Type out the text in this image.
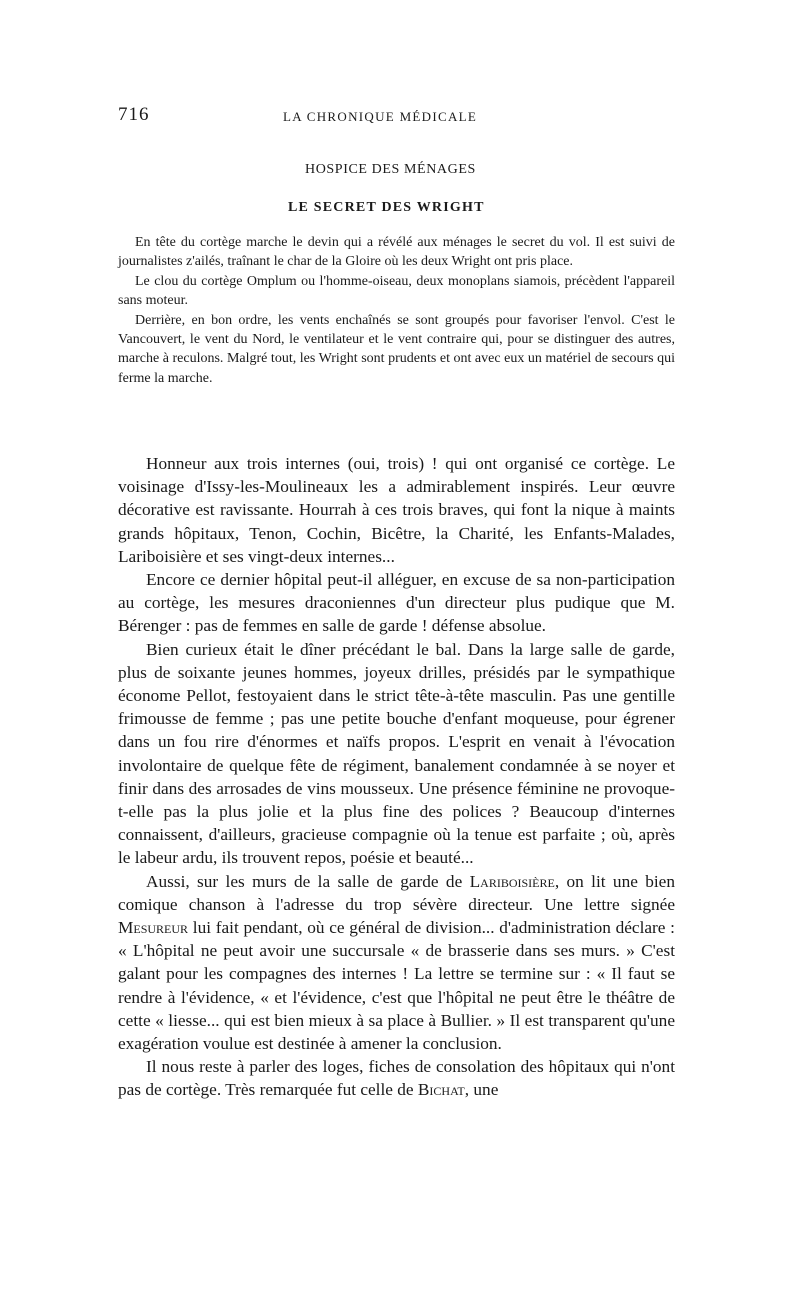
716	LA CHRONIQUE MÉDICALE
HOSPICE DES MÉNAGES
LE SECRET DES WRIGHT

En tête du cortège marche le devin qui a révélé aux ménages le secret du vol. Il est suivi de journalistes z'ailés, traînant le char de la Gloire où les deux Wright ont pris place.

Le clou du cortège Omplum ou l'homme-oiseau, deux monoplans siamois, précèdent l'appareil sans moteur.

Derrière, en bon ordre, les vents enchaînés se sont groupés pour favoriser l'envol. C'est le Vancouvert, le vent du Nord, le ventilateur et le vent contraire qui, pour se distinguer des autres, marche à reculons. Malgré tout, les Wright sont prudents et ont avec eux un matériel de secours qui ferme la marche.

Honneur aux trois internes (oui, trois) ! qui ont organisé ce cortège. Le voisinage d'Issy-les-Moulineaux les a admirablement inspirés. Leur œuvre décorative est ravissante. Hourrah à ces trois braves, qui font la nique à maints grands hôpitaux, Tenon, Cochin, Bicêtre, la Charité, les Enfants-Malades, Lariboisière et ses vingt-deux internes...

Encore ce dernier hôpital peut-il alléguer, en excuse de sa non-participation au cortège, les mesures draconiennes d'un directeur plus pudique que M. Bérenger : pas de femmes en salle de garde ! défense absolue.

Bien curieux était le dîner précédant le bal. Dans la large salle de garde, plus de soixante jeunes hommes, joyeux drilles, présidés par le sympathique économe Pellot, festoyaient dans le strict tête-à-tête masculin. Pas une gentille frimousse de femme ; pas une petite bouche d'enfant moqueuse, pour égrener dans un fou rire d'énormes et naïfs propos. L'esprit en venait à l'évocation involontaire de quelque fête de régiment, banalement condamnée à se noyer et finir dans des arrosades de vins mousseux. Une présence féminine ne provoque-t-elle pas la plus jolie et la plus fine des polices ? Beaucoup d'internes connaissent, d'ailleurs, gracieuse compagnie où la tenue est parfaite ; où, après le labeur ardu, ils trouvent repos, poésie et beauté...

Aussi, sur les murs de la salle de garde de Lariboisière, on lit une bien comique chanson à l'adresse du trop sévère directeur. Une lettre signée Mesureur lui fait pendant, où ce général de division... d'administration déclare : « L'hôpital ne peut avoir une succursale « de brasserie dans ses murs. » C'est galant pour les compagnes des internes ! La lettre se termine sur : « Il faut se rendre à l'évidence, « et l'évidence, c'est que l'hôpital ne peut être le théâtre de cette « liesse... qui est bien mieux à sa place à Bullier. » Il est transparent qu'une exagération voulue est destinée à amener la conclusion.

Il nous reste à parler des loges, fiches de consolation des hôpitaux qui n'ont pas de cortège. Très remarquée fut celle de Bichat, une
